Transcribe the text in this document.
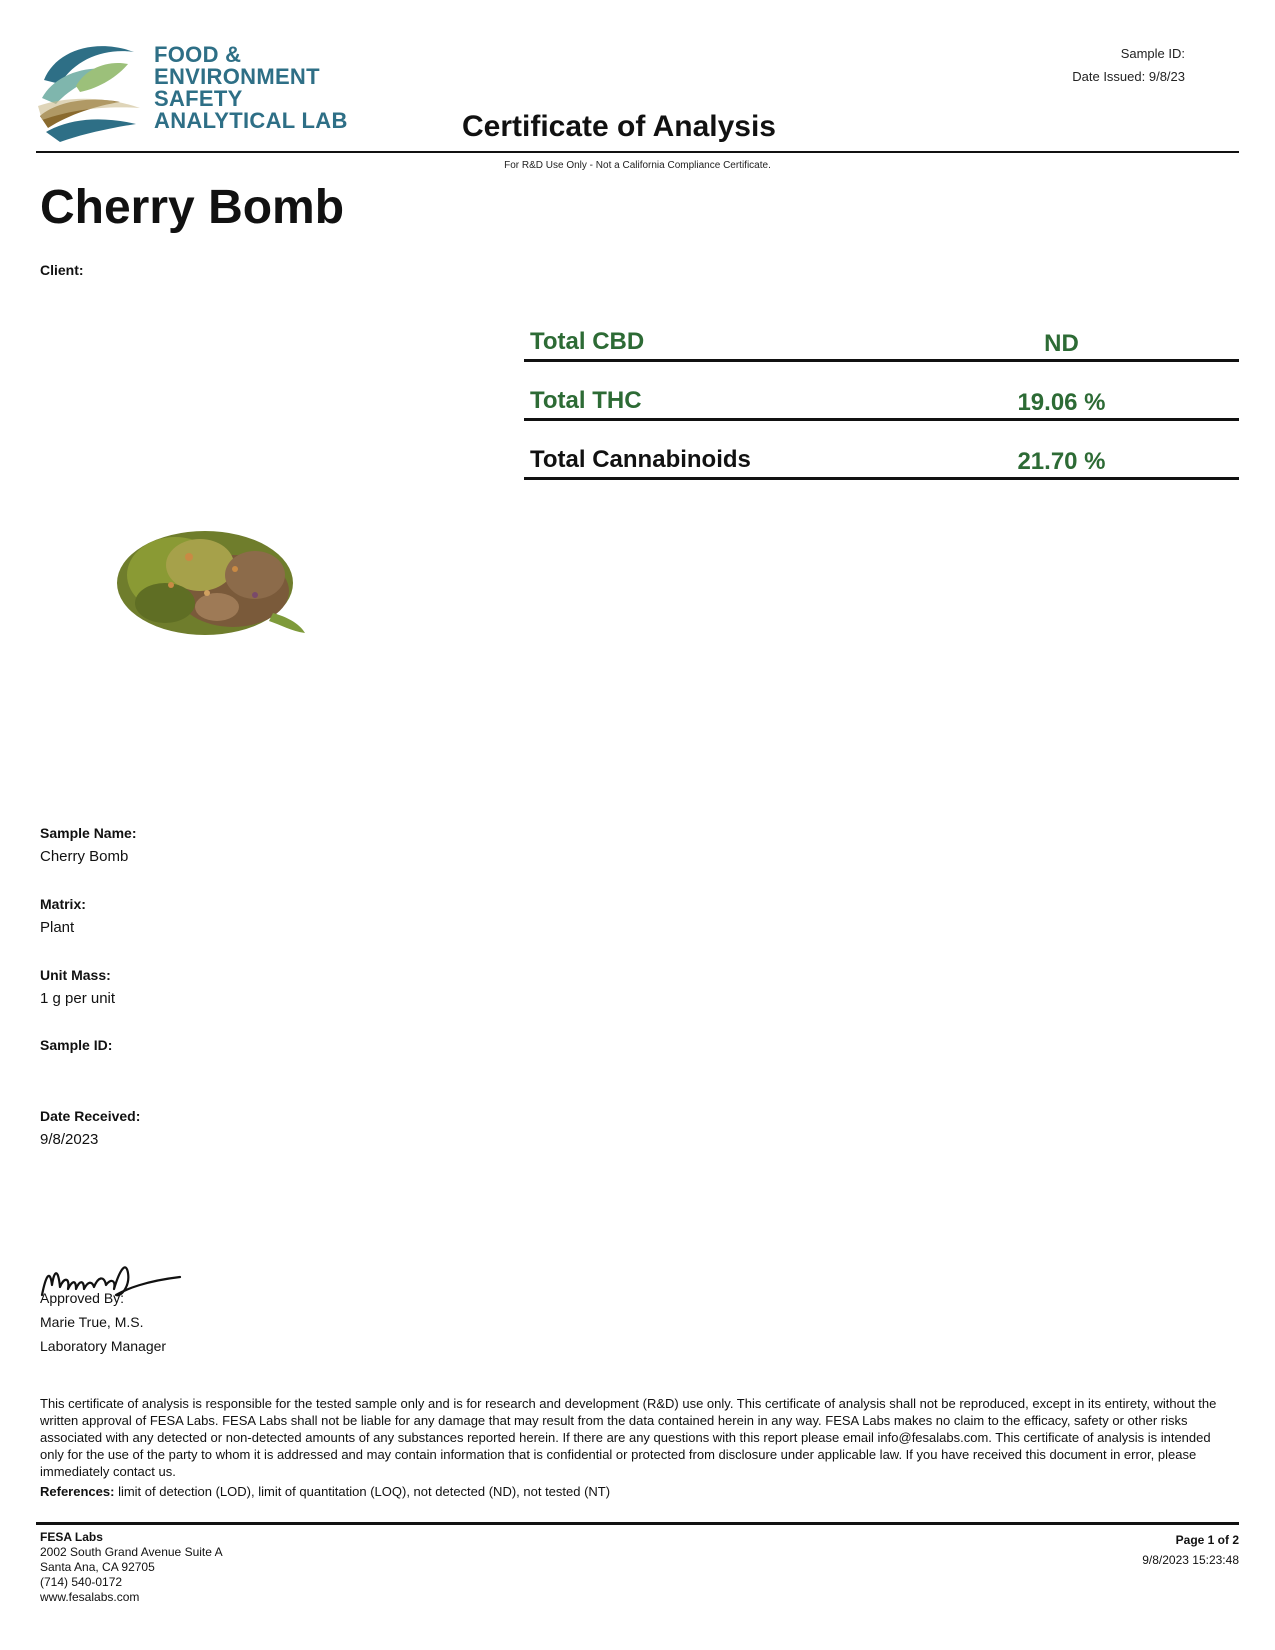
FOOD &
ENVIRONMENT
SAFETY
ANALYTICAL LAB
Sample ID:
Date Issued: 9/8/23
Certificate of Analysis
For R&D Use Only - Not a California Compliance Certificate.
Cherry Bomb
Client:
Total CBD	ND
Total THC	19.06 %
Total Cannabinoids	21.70 %
Sample Name:
Cherry Bomb
Matrix:
Plant
Unit Mass:
1 g per unit
Sample ID:
Date Received:
9/8/2023
Approved By:
Marie True, M.S.
Laboratory Manager
This certificate of analysis is responsible for the tested sample only and is for research and development (R&D) use only. This certificate of analysis shall not be reproduced, except in its entirety, without the written approval of FESA Labs. FESA Labs shall not be liable for any damage that may result from the data contained herein in any way. FESA Labs makes no claim to the efficacy, safety or other risks associated with any detected or non-detected amounts of any substances reported herein. If there are any questions with this report please email info@fesalabs.com. This certificate of analysis is intended only for the use of the party to whom it is addressed and may contain information that is confidential or protected from disclosure under applicable law. If you have received this document in error, please immediately contact us.
References: limit of detection (LOD), limit of quantitation (LOQ), not detected (ND), not tested (NT)
FESA Labs
2002 South Grand Avenue Suite A
Santa Ana, CA 92705
(714) 540-0172
www.fesalabs.com
Page 1 of 2
9/8/2023 15:23:48
